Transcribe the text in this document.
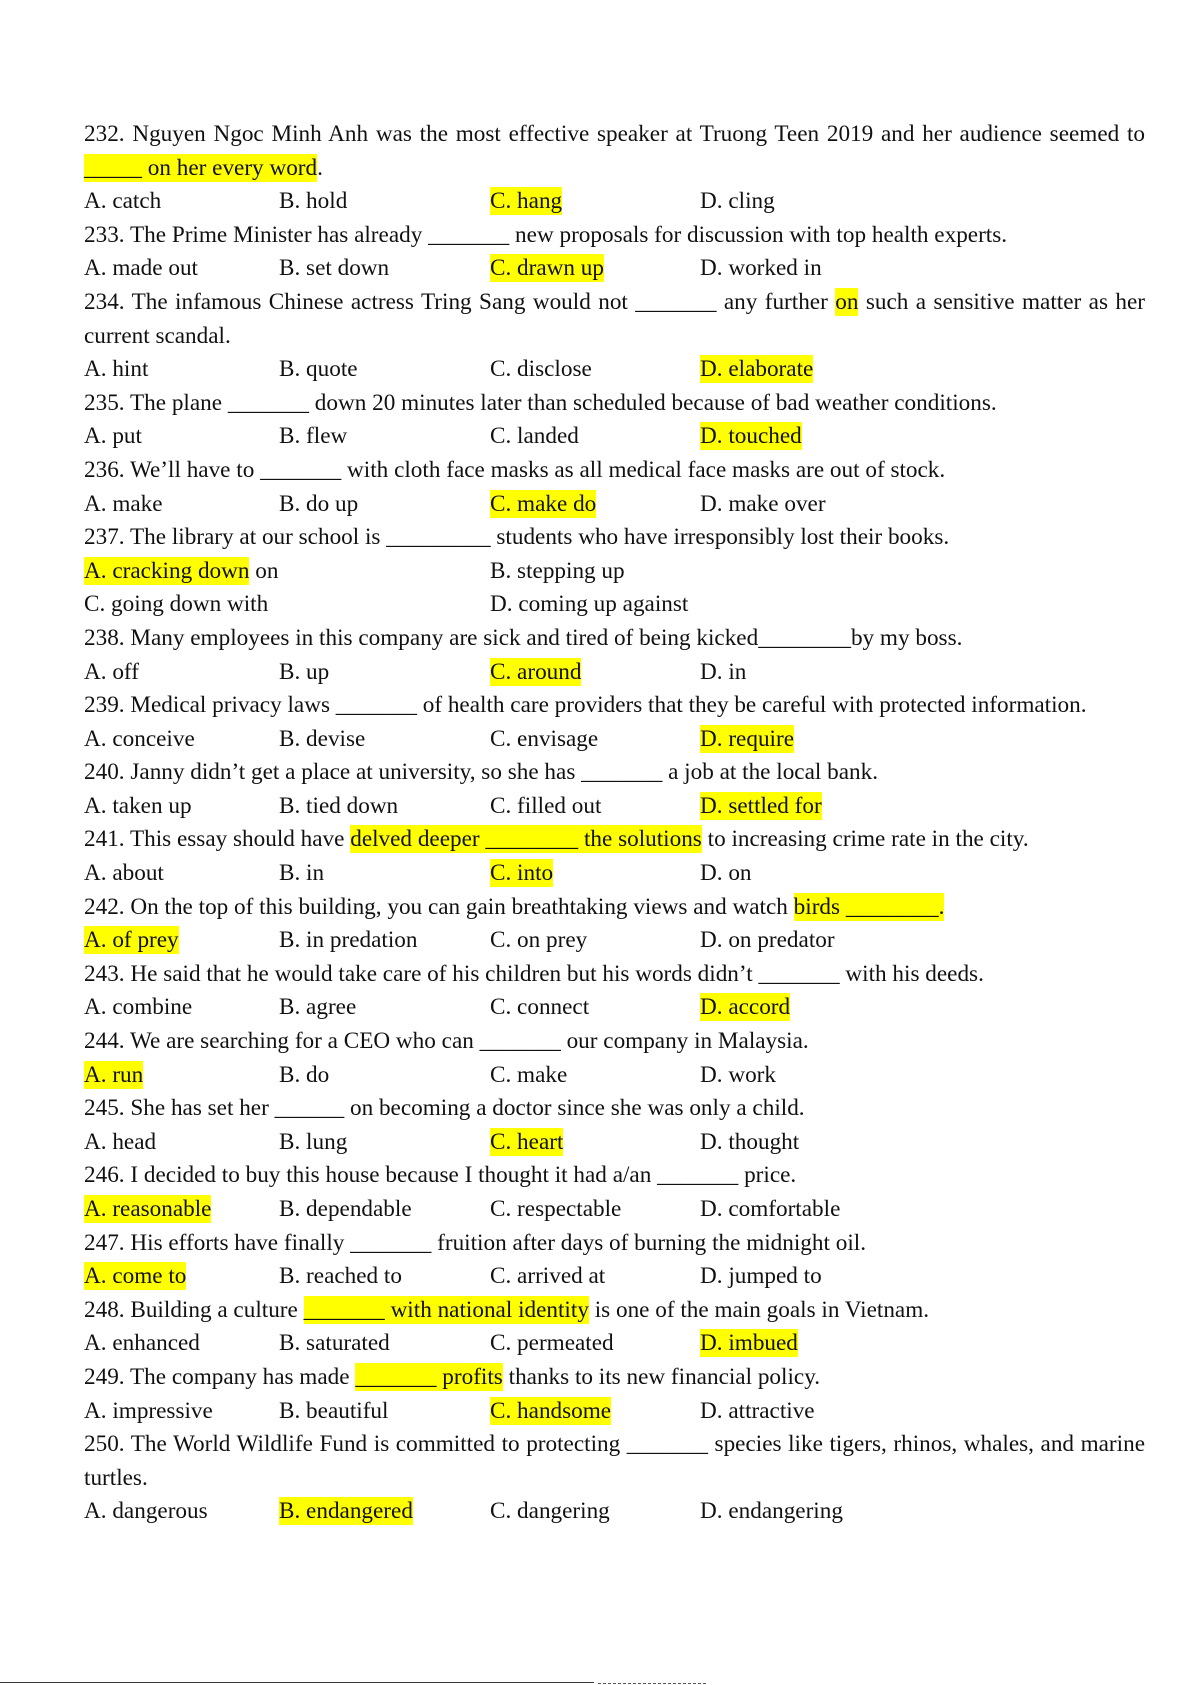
232. Nguyen Ngoc Minh Anh was the most effective speaker at Truong Teen 2019 and her audience seemed to
_____ on her every word.
A. catch	B. hold	C. hang	D. cling
233. The Prime Minister has already _______ new proposals for discussion with top health experts.
A. made out	B. set down	C. drawn up	D. worked in
234. The infamous Chinese actress Tring Sang would not _______ any further on such a sensitive matter as her
current scandal.
A. hint	B. quote	C. disclose	D. elaborate
235. The plane _______ down 20 minutes later than scheduled because of bad weather conditions.
A. put	B. flew	C. landed	D. touched
236. We’ll have to _______ with cloth face masks as all medical face masks are out of stock.
A. make	B. do up	C. make do	D. make over
237. The library at our school is _________ students who have irresponsibly lost their books.
A. cracking down on	B. stepping up
C. going down with	D. coming up against
238. Many employees in this company are sick and tired of being kicked________by my boss.
A. off	B. up	C. around	D. in
239. Medical privacy laws _______ of health care providers that they be careful with protected information.
A. conceive	B. devise	C. envisage	D. require
240. Janny didn’t get a place at university, so she has _______ a job at the local bank.
A. taken up	B. tied down	C. filled out	D. settled for
241. This essay should have delved deeper ________ the solutions to increasing crime rate in the city.
A. about	B. in	C. into	D. on
242. On the top of this building, you can gain breathtaking views and watch birds ________.
A. of prey	B. in predation	C. on prey	D. on predator
243. He said that he would take care of his children but his words didn’t _______ with his deeds.
A. combine	B. agree	C. connect	D. accord
244. We are searching for a CEO who can _______ our company in Malaysia.
A. run	B. do	C. make	D. work
245. She has set her ______ on becoming a doctor since she was only a child.
A. head	B. lung	C. heart	D. thought
246. I decided to buy this house because I thought it had a/an _______ price.
A. reasonable	B. dependable	C. respectable	D. comfortable
247. His efforts have finally _______ fruition after days of burning the midnight oil.
A. come to	B. reached to	C. arrived at	D. jumped to
248. Building a culture _______ with national identity is one of the main goals in Vietnam.
A. enhanced	B. saturated	C. permeated	D. imbued
249. The company has made _______ profits thanks to its new financial policy.
A. impressive	B. beautiful	C. handsome	D. attractive
250. The World Wildlife Fund is committed to protecting _______ species like tigers, rhinos, whales, and marine
turtles.
A. dangerous	B. endangered	C. dangering	D. endangering
